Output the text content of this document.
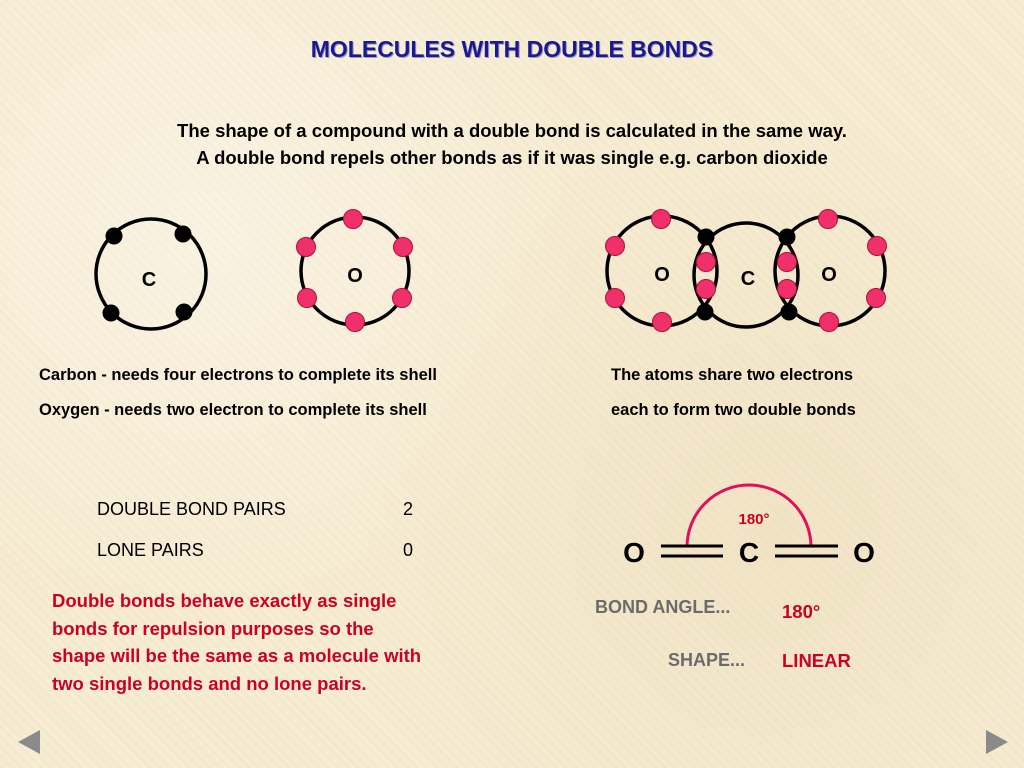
MOLECULES WITH DOUBLE BONDS
The shape of a compound with a double bond is calculated in the same way.
A double bond repels other bonds as if it was single e.g. carbon dioxide
C	O	O	C	O
180°
O	C	O
Carbon - needs four electrons to complete its shell
Oxygen - needs two electron to complete its shell
The atoms share two electrons
each to form two double bonds
DOUBLE BOND PAIRS	2
LONE PAIRS	0
Double bonds behave exactly as single
bonds for repulsion purposes so the
shape will be the same as a molecule with
two single bonds and no lone pairs.
BOND ANGLE...	180°
SHAPE... LINEAR
